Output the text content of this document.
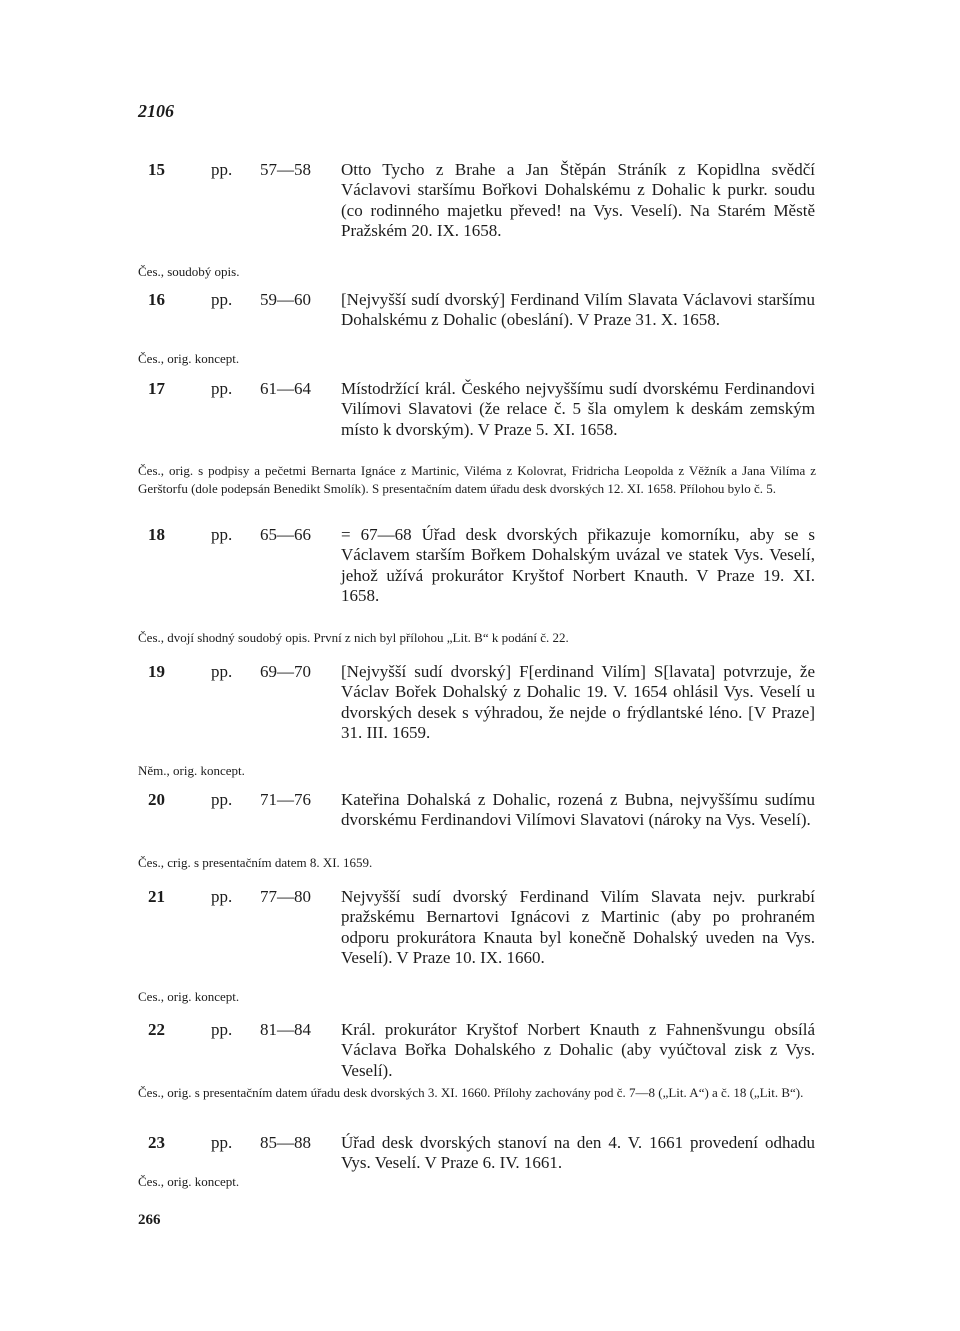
2106
15	pp. 57—58 Otto Tycho z Brahe a Jan Štěpán Stráník z Kopidlna svědčí Václavovi staršímu Bořkovi Dohalskému z Dohalic k purkr. soudu (co rodinného majetku převed! na Vys. Veselí). Na Starém Městě Pražském 20. IX. 1658.
Čes., soudobý opis.
16	pp. 59—60 [Nejvyšší sudí dvorský] Ferdinand Vilím Slavata Václavovi staršímu Dohalskému z Dohalic (obeslání). V Praze 31. X. 1658.
Čes., orig. koncept.
17	pp. 61—64 Místodržící král. Českého nejvyššímu sudí dvorskému Ferdinandovi Vilímovi Slavatovi (že relace č. 5 šla omylem k deskám zemským místo k dvorským). V Praze 5. XI. 1658.
Čes., orig. s podpisy a pečetmi Bernarta Ignáce z Martinic, Viléma z Kolovrat, Fridricha Leopolda z Věžník a Jana Vilíma z Gerštorfu (dole podepsán Benedikt Smolík). S presentačním datem úřadu desk dvorských 12. XI. 1658. Přílohou bylo č. 5.
18	pp. 65—66 = 67—68 Úřad desk dvorských přikazuje komorníku, aby se s Václavem starším Bořkem Dohalským uvázal ve statek Vys. Veselí, jehož užívá prokurátor Kryštof Norbert Knauth. V Praze 19. XI. 1658.
Čes., dvojí shodný soudobý opis. První z nich byl přílohou „Lit. B“ k podání č. 22.
19	pp. 69—70 [Nejvyšší sudí dvorský] F[erdinand Vilím] S[lavata] potvrzuje, že Václav Bořek Dohalský z Dohalic 19. V. 1654 ohlásil Vys. Veselí u dvorských desek s výhradou, že nejde o frýdlantské léno. [V Praze] 31. III. 1659.
Něm., orig. koncept.
20	pp. 71—76 Kateřina Dohalská z Dohalic, rozená z Bubna, nejvyššímu sudímu dvorskému Ferdinandovi Vilímovi Slavatovi (nároky na Vys. Veselí).
Čes., crig. s presentačním datem 8. XI. 1659.
21	pp. 77—80 Nejvyšší sudí dvorský Ferdinand Vilím Slavata nejv. purkrabí pražskému Bernartovi Ignácovi z Martinic (aby po prohraném odporu prokurátora Knauta byl konečně Dohalský uveden na Vys. Veselí). V Praze 10. IX. 1660.
Ces., orig. koncept.
22	pp. 81—84 Král. prokurátor Kryštof Norbert Knauth z Fahnenšvungu obsílá Václava Bořka Dohalského z Dohalic (aby vyúčtoval zisk z Vys. Veselí).
Čes., orig. s presentačním datem úřadu desk dvorských 3. XI. 1660. Přílohy zachovány pod č. 7—8 („Lit. A“) a č. 18 („Lit. B“).
23	pp. 85—88 Úřad desk dvorských stanoví na den 4. V. 1661 provedení odhadu Vys. Veselí. V Praze 6. IV. 1661.
Čes., orig. koncept.
266
